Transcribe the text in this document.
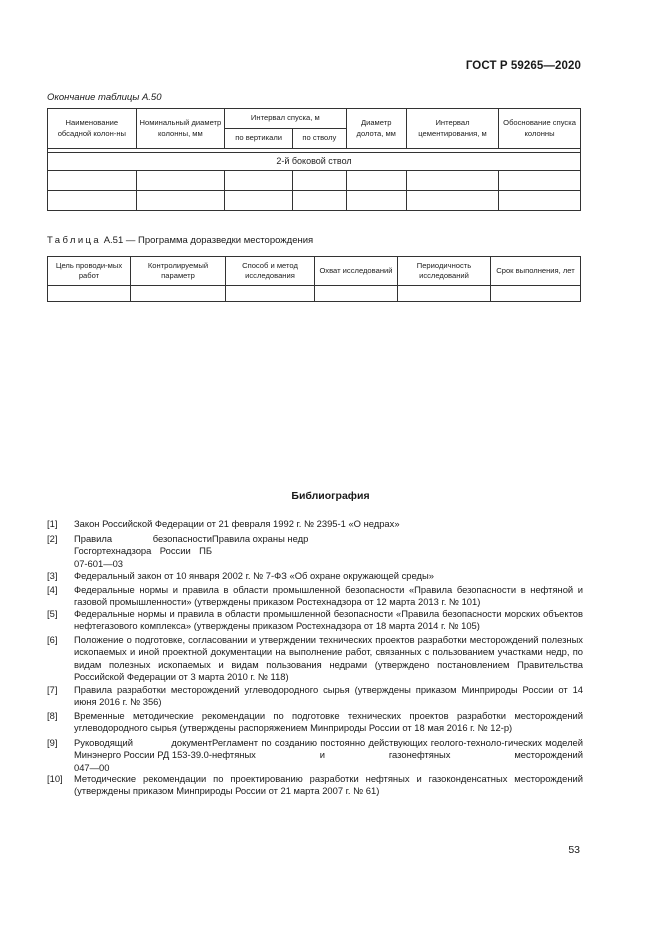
ГОСТ Р 59265—2020
Окончание таблицы А.50
Наименование обсадной колон-ны	Номинальный диаметр колонны, мм	Интервал спуска, м		Диаметр долота, мм	Интервал цементирования, м	Обоснование спуска колонны
		по вертикали	по стволу			

2-й боковой ствол						

Таблица А.51 — Программа доразведки месторождения
Цель проводи-мых работ	Контролируемый параметр	Способ и метод исследования	Охват исследований	Периодичность исследований	Срок выполнения, лет

Библиография
[1] Закон Российской Федерации от 21 февраля 1992 г. № 2395-1 «О недрах»
[2] Правила безопасности Госгортехнадзора России ПБ 07-601—03
Правила охраны недр
[3] Федеральный закон от 10 января 2002 г. № 7-ФЗ «Об охране окружающей среды»
[4] Федеральные нормы и правила в области промышленной безопасности «Правила безопасности в нефтяной и газовой промышленности» (утверждены приказом Ростехнадзора от 12 марта 2013 г. № 101)
[5] Федеральные нормы и правила в области промышленной безопасности «Правила безопасности морских объектов нефтегазового комплекса» (утверждены приказом Ростехнадзора от 18 марта 2014 г. № 105)
[6] Положение о подготовке, согласовании и утверждении технических проектов разработки месторождений полезных ископаемых и иной проектной документации на выполнение работ, связанных с пользованием участками недр, по видам полезных ископаемых и видам пользования недрами (утверждено постановлением Правительства Российской Федерации от 3 марта 2010 г. № 118)
[7] Правила разработки месторождений углеводородного сырья (утверждены приказом Минприроды России от 14 июня 2016 г. № 356)
[8] Временные методические рекомендации по подготовке технических проектов разработки месторождений углеводородного сырья (утверждены распоряжением Минприроды России от 18 мая 2016 г. № 12-р)
[9] Руководящий документ Минэнерго России РД 153-39.0-047—00
Регламент по созданию постоянно действующих геолого-техноло-гических моделей нефтяных и газонефтяных месторождений
[10] Методические рекомендации по проектированию разработки нефтяных и газоконденсатных месторождений (утверждены приказом Минприроды России от 21 марта 2007 г. № 61)
53
